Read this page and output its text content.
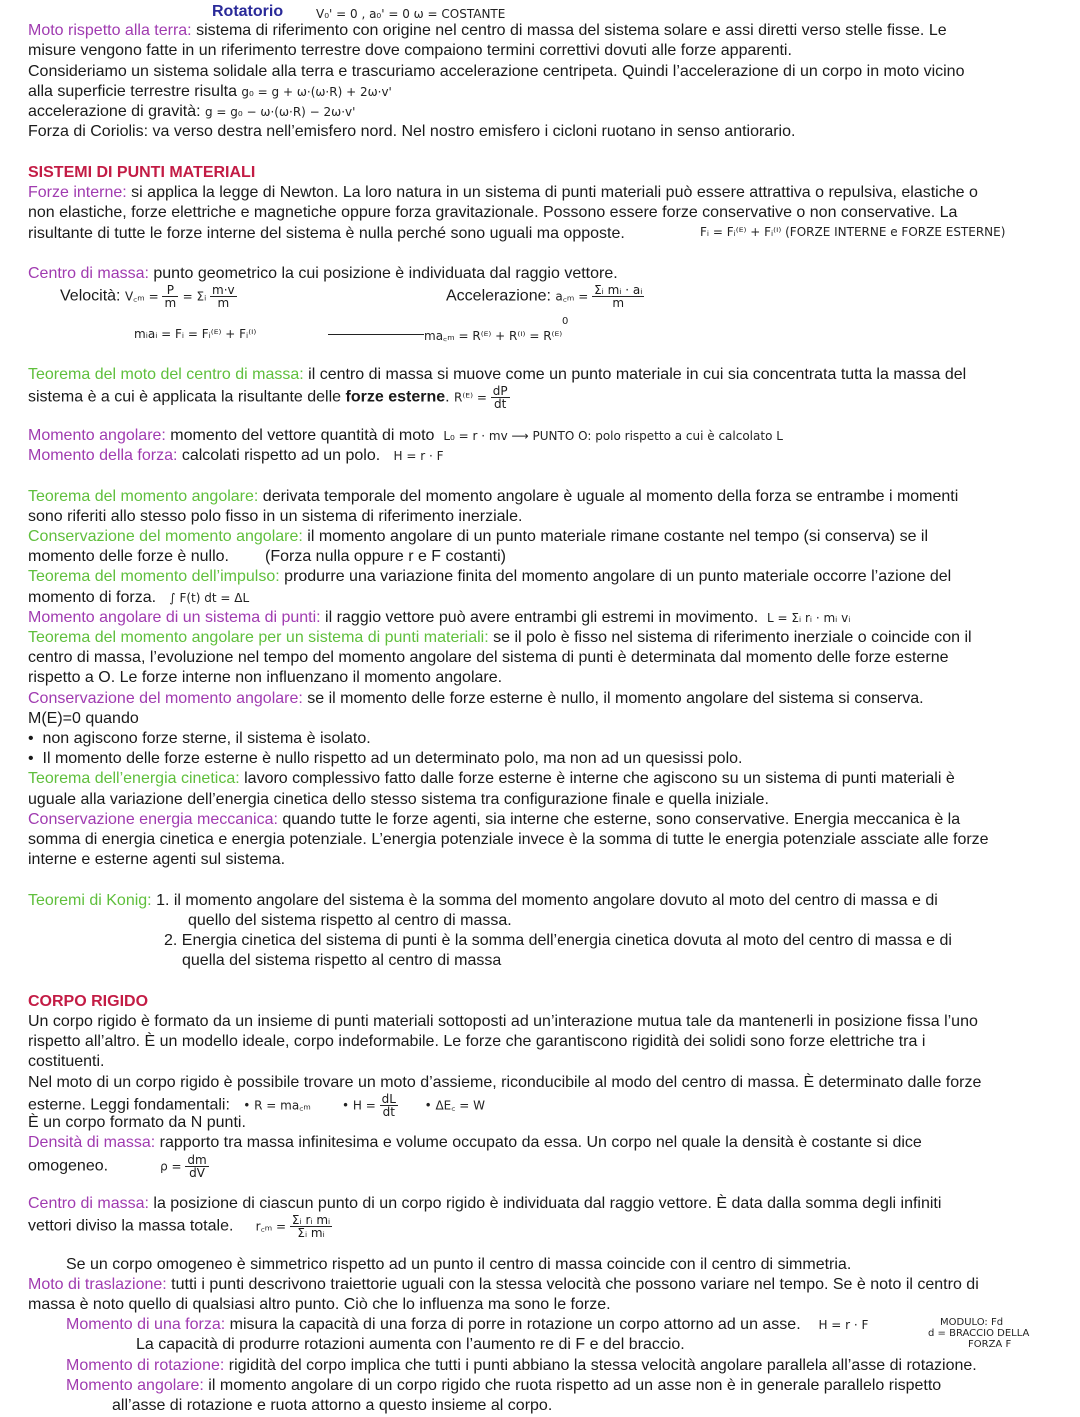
Rotatorio	V₀' = 0 , a₀' = 0 ω = COSTANTE
Moto rispetto alla terra: sistema di riferimento con origine nel centro di massa del sistema solare e assi diretti verso stelle fisse. Le
misure vengono fatte in un riferimento terrestre dove compaiono termini correttivi dovuti alle forze apparenti.
Consideriamo un sistema solidale alla terra e trascuriamo accelerazione centripeta. Quindi l’accelerazione di un corpo in moto vicino
alla superficie terrestre risulta g₀ = g + ω·(ω·R) + 2ω·v'
accelerazione di gravità: g = g₀ − ω·(ω·R) − 2ω·v'
Forza di Coriolis: va verso destra nell’emisfero nord. Nel nostro emisfero i cicloni ruotano in senso antiorario.
SISTEMI DI PUNTI MATERIALI
Forze interne: si applica la legge di Newton. La loro natura in un sistema di punti materiali può essere attrattiva o repulsiva, elastiche o
non elastiche, forze elettriche e magnetiche oppure forza gravitazionale. Possono essere forze conservative o non conservative. La
risultante di tutte le forze interne del sistema è nulla perché sono uguali ma opposte.	Fᵢ = Fᵢ⁽ᴱ⁾ + Fᵢ⁽ᴵ⁾ (FORZE INTERNE e FORZE ESTERNE)
Centro di massa: punto geometrico la cui posizione è individuata dal raggio vettore.
Velocità: V꜀ₘ = $\frac{P}{m}$ = Σᵢ $\frac{m\cdot v}{m}$	Accelerazione: a꜀ₘ = $\frac{\text{Σᵢ mᵢ · aᵢ}}{m}$
mᵢaᵢ = Fᵢ = Fᵢ⁽ᴱ⁾ + Fᵢ⁽ᴵ⁾
0
ma꜀ₘ = R⁽ᴱ⁾ + R⁽ᴵ⁾ = R⁽ᴱ⁾
Teorema del moto del centro di massa: il centro di massa si muove come un punto materiale in cui sia concentrata tutta la massa del
sistema è a cui è applicata la risultante delle forze esterne. R⁽ᴱ⁾ = $\frac{dP}{dt}$
Momento angolare: momento del vettore quantità di moto L₀ = r · mv ⟶ PUNTO O: polo rispetto a cui è calcolato L
Momento della forza: calcolati rispetto ad un polo. H = r · F
Teorema del momento angolare: derivata temporale del momento angolare è uguale al momento della forza se entrambe i momenti
sono riferiti allo stesso polo fisso in un sistema di riferimento inerziale.
Conservazione del momento angolare: il momento angolare di un punto materiale rimane costante nel tempo (si conserva) se il
momento delle forze è nullo. (Forza nulla oppure r e F costanti)
Teorema del momento dell’impulso: produrre una variazione finita del momento angolare di un punto materiale occorre l’azione del
momento di forza. ∫ F(t) dt = ΔL
Momento angolare di un sistema di punti: il raggio vettore può avere entrambi gli estremi in movimento. L = Σᵢ rᵢ · mᵢ vᵢ
Teorema del momento angolare per un sistema di punti materiali: se il polo è fisso nel sistema di riferimento inerziale o coincide con il
centro di massa, l’evoluzione nel tempo del momento angolare del sistema di punti è determinata dal momento delle forze esterne
rispetto a O. Le forze interne non influenzano il momento angolare.
Conservazione del momento angolare: se il momento delle forze esterne è nullo, il momento angolare del sistema si conserva.
M(E)=0 quando
•  non agiscono forze sterne, il sistema è isolato.
•  Il momento delle forze esterne è nullo rispetto ad un determinato polo, ma non ad un quesissi polo.
Teorema dell’energia cinetica: lavoro complessivo fatto dalle forze esterne è interne che agiscono su un sistema di punti materiali è
uguale alla variazione dell’energia cinetica dello stesso sistema tra configurazione finale e quella iniziale.
Conservazione energia meccanica: quando tutte le forze agenti, sia interne che esterne, sono conservative. Energia meccanica è la
somma di energia cinetica e energia potenziale. L’energia potenziale invece è la somma di tutte le energia potenziale assciate alle forze
interne e esterne agenti sul sistema.
Teoremi di Konig: 1. il momento angolare del sistema è la somma del momento angolare dovuto al moto del centro di massa e di
quello del sistema rispetto al centro di massa.
2. Energia cinetica del sistema di punti è la somma dell’energia cinetica dovuta al moto del centro di massa e di
quella del sistema rispetto al centro di massa
CORPO RIGIDO
Un corpo rigido è formato da un insieme di punti materiali sottoposti ad un’interazione mutua tale da mantenerli in posizione fissa l’uno
rispetto all’altro. È un modello ideale, corpo indeformabile. Le forze che garantiscono rigidità dei solidi sono forze elettriche tra i
costituenti.
Nel moto di un corpo rigido è possibile trovare un moto d’assieme, riconducibile al modo del centro di massa. È determinato dalle forze
esterne. Leggi fondamentali: • R = ma꜀ₘ	• $H = \frac{dL}{dt}$ • ΔE꜀ = W
È un corpo formato da N punti.
Densità di massa: rapporto tra massa infinitesima e volume occupato da essa. Un corpo nel quale la densità è costante si dice
omogeneo.	$\rho = \frac{dm}{dV}$
Centro di massa: la posizione di ciascun punto di un corpo rigido è individuata dal raggio vettore. È data dalla somma degli infiniti
vettori diviso la massa totale. r꜀ₘ = $\frac{\text{Σᵢ rᵢ mᵢ}}{\text{Σᵢ mᵢ}}$
Se un corpo omogeneo è simmetrico rispetto ad un punto il centro di massa coincide con il centro di simmetria.
Moto di traslazione: tutti i punti descrivono traiettorie uguali con la stessa velocità che possono variare nel tempo. Se è noto il centro di
massa è noto quello di qualsiasi altro punto. Ciò che lo influenza ma sono le forze.
Momento di una forza: misura la capacità di una forza di porre in rotazione un corpo attorno ad un asse. H = r · F	MODULO: Fd
d = BRACCIO DELLA
FORZA F
La capacità di produrre rotazioni aumenta con l’aumento re di F e del braccio.
Momento di rotazione: rigidità del corpo implica che tutti i punti abbiano la stessa velocità angolare parallela all’asse di rotazione.
Momento angolare: il momento angolare di un corpo rigido che ruota rispetto ad un asse non è in generale parallelo rispetto
all’asse di rotazione e ruota attorno a questo insieme al corpo.
